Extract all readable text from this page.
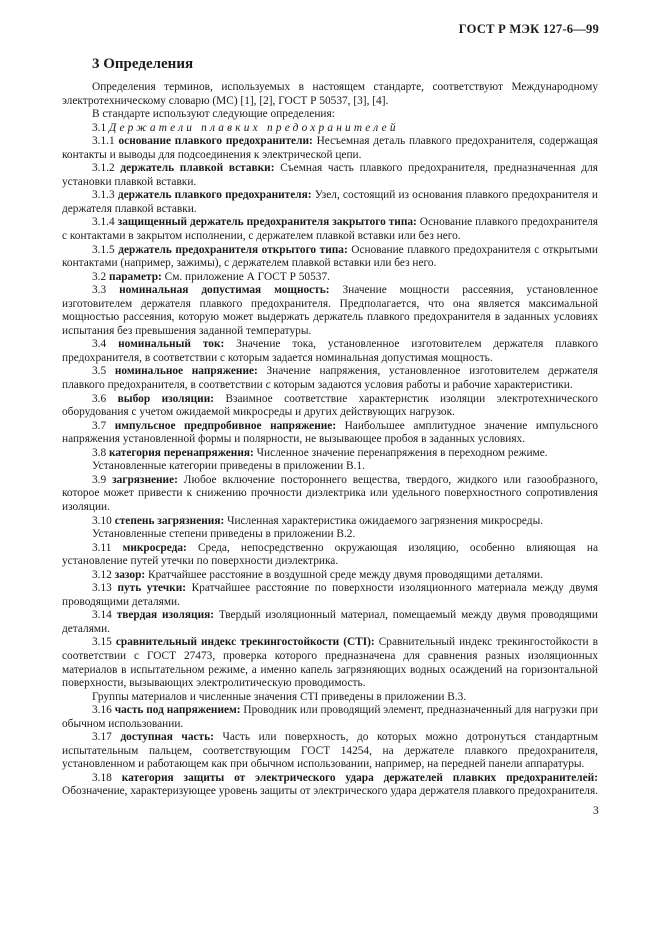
ГОСТ Р МЭК 127-6—99
3 Определения

Определения терминов, используемых в настоящем стандарте, соответствуют Международному электротехническому словарю (МС) [1], [2], ГОСТ Р 50537, [3], [4].

В стандарте используют следующие определения:

3.1 Держатели плавких предохранителей

3.1.1 основание плавкого предохранители: Несъемная деталь плавкого предохранителя, содержащая контакты и выводы для подсоединения к электрической цепи.

3.1.2 держатель плавкой вставки: Съемная часть плавкого предохранителя, предназначенная для установки плавкой вставки.

3.1.3 держатель плавкого предохранителя: Узел, состоящий из основания плавкого предохранителя и держателя плавкой вставки.

3.1.4 защищенный держатель предохранителя закрытого типа: Основание плавкого предохранителя с контактами в закрытом исполнении, с держателем плавкой вставки или без него.

3.1.5 держатель предохранителя открытого типа: Основание плавкого предохранителя с открытыми контактами (например, зажимы), с держателем плавкой вставки или без него.

3.2 параметр: См. приложение А ГОСТ Р 50537.

3.3 номинальная допустимая мощность: Значение мощности рассеяния, установленное изготовителем держателя плавкого предохранителя. Предполагается, что она является максимальной мощностью рассеяния, которую может выдержать держатель плавкого предохранителя в заданных условиях испытания без превышения заданной температуры.

3.4 номинальный ток: Значение тока, установленное изготовителем держателя плавкого предохранителя, в соответствии с которым задается номинальная допустимая мощность.

3.5 номинальное напряжение: Значение напряжения, установленное изготовителем держателя плавкого предохранителя, в соответствии с которым задаются условия работы и рабочие характеристики.

3.6 выбор изоляции: Взаимное соответствие характеристик изоляции электротехнического оборудования с учетом ожидаемой микросреды и других действующих нагрузок.

3.7 импульсное предпробивное напряжение: Наибольшее амплитудное значение импульсного напряжения установленной формы и полярности, не вызывающее пробоя в заданных условиях.

3.8 категория перенапряжения: Численное значение перенапряжения в переходном режиме.

Установленные категории приведены в приложении В.1.

3.9 загрязнение: Любое включение постороннего вещества, твердого, жидкого или газообразного, которое может привести к снижению прочности диэлектрика или удельного поверхностного сопротивления изоляции.

3.10 степень загрязнения: Численная характеристика ожидаемого загрязнения микросреды.

Установленные степени приведены в приложении В.2.

3.11 микросреда: Среда, непосредственно окружающая изоляцию, особенно влияющая на установление путей утечки по поверхности диэлектрика.

3.12 зазор: Кратчайшее расстояние в воздушной среде между двумя проводящими деталями.

3.13 путь утечки: Кратчайшее расстояние по поверхности изоляционного материала между двумя проводящими деталями.

3.14 твердая изоляция: Твердый изоляционный материал, помещаемый между двумя проводящими деталями.

3.15 сравнительный индекс трекингостойкости (CTI): Сравнительный индекс трекингостойкости в соответствии с ГОСТ 27473, проверка которого предназначена для сравнения разных изоляционных материалов в испытательном режиме, а именно капель загрязняющих водных осаждений на горизонтальной поверхности, вызывающих электролитическую проводимость.

Группы материалов и численные значения CTI приведены в приложении В.3.

3.16 часть под напряжением: Проводник или проводящий элемент, предназначенный для нагрузки при обычном использовании.

3.17 доступная часть: Часть или поверхность, до которых можно дотронуться стандартным испытательным пальцем, соответствующим ГОСТ 14254, на держателе плавкого предохранителя, установленном и работающем как при обычном использовании, например, на передней панели аппаратуры.

3.18 категория защиты от электрического удара держателей плавких предохранителей: Обозначение, характеризующее уровень защиты от электрического удара держателя плавкого предохранителя.

3
